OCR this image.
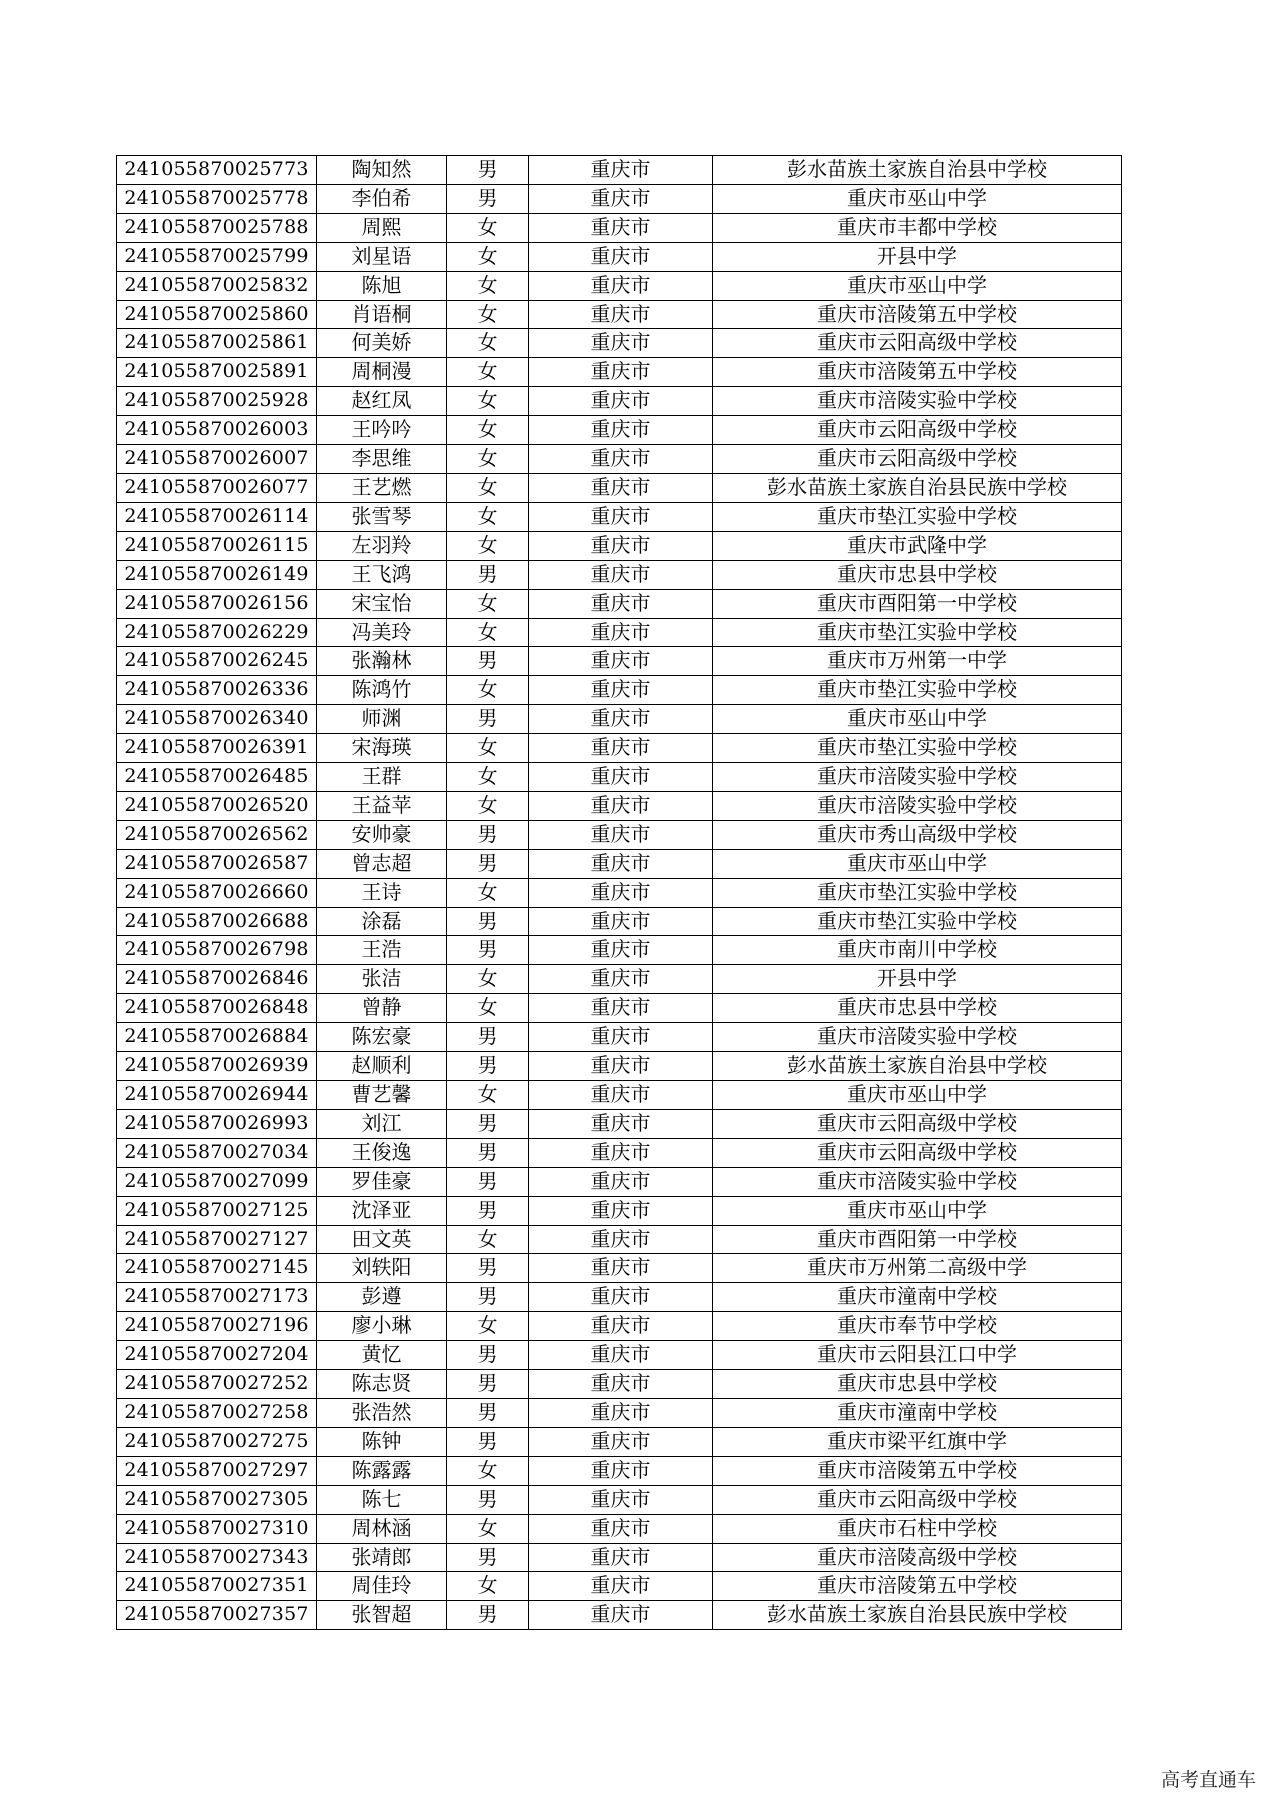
241055870025773	陶知然	男	重庆市	彭水苗族土家族自治县中学校
241055870025778	李伯希	男	重庆市	重庆市巫山中学
241055870025788	周熙	女	重庆市	重庆市丰都中学校
241055870025799	刘星语	女	重庆市	开县中学
241055870025832	陈旭	女	重庆市	重庆市巫山中学
241055870025860	肖语桐	女	重庆市	重庆市涪陵第五中学校
241055870025861	何美娇	女	重庆市	重庆市云阳高级中学校
241055870025891	周桐漫	女	重庆市	重庆市涪陵第五中学校
241055870025928	赵红凤	女	重庆市	重庆市涪陵实验中学校
241055870026003	王吟吟	女	重庆市	重庆市云阳高级中学校
241055870026007	李思维	女	重庆市	重庆市云阳高级中学校
241055870026077	王艺燃	女	重庆市	彭水苗族土家族自治县民族中学校
241055870026114	张雪琴	女	重庆市	重庆市垫江实验中学校
241055870026115	左羽羚	女	重庆市	重庆市武隆中学
241055870026149	王飞鸿	男	重庆市	重庆市忠县中学校
241055870026156	宋宝怡	女	重庆市	重庆市酉阳第一中学校
241055870026229	冯美玲	女	重庆市	重庆市垫江实验中学校
241055870026245	张瀚林	男	重庆市	重庆市万州第一中学
241055870026336	陈鸿竹	女	重庆市	重庆市垫江实验中学校
241055870026340	师渊	男	重庆市	重庆市巫山中学
241055870026391	宋海瑛	女	重庆市	重庆市垫江实验中学校
241055870026485	王群	女	重庆市	重庆市涪陵实验中学校
241055870026520	王益苹	女	重庆市	重庆市涪陵实验中学校
241055870026562	安帅豪	男	重庆市	重庆市秀山高级中学校
241055870026587	曾志超	男	重庆市	重庆市巫山中学
241055870026660	王诗	女	重庆市	重庆市垫江实验中学校
241055870026688	涂磊	男	重庆市	重庆市垫江实验中学校
241055870026798	王浩	男	重庆市	重庆市南川中学校
241055870026846	张洁	女	重庆市	开县中学
241055870026848	曾静	女	重庆市	重庆市忠县中学校
241055870026884	陈宏豪	男	重庆市	重庆市涪陵实验中学校
241055870026939	赵顺利	男	重庆市	彭水苗族土家族自治县中学校
241055870026944	曹艺馨	女	重庆市	重庆市巫山中学
241055870026993	刘江	男	重庆市	重庆市云阳高级中学校
241055870027034	王俊逸	男	重庆市	重庆市云阳高级中学校
241055870027099	罗佳豪	男	重庆市	重庆市涪陵实验中学校
241055870027125	沈泽亚	男	重庆市	重庆市巫山中学
241055870027127	田文英	女	重庆市	重庆市酉阳第一中学校
241055870027145	刘轶阳	男	重庆市	重庆市万州第二高级中学
241055870027173	彭遵	男	重庆市	重庆市潼南中学校
241055870027196	廖小琳	女	重庆市	重庆市奉节中学校
241055870027204	黄忆	男	重庆市	重庆市云阳县江口中学
241055870027252	陈志贤	男	重庆市	重庆市忠县中学校
241055870027258	张浩然	男	重庆市	重庆市潼南中学校
241055870027275	陈钟	男	重庆市	重庆市梁平红旗中学
241055870027297	陈露露	女	重庆市	重庆市涪陵第五中学校
241055870027305	陈七	男	重庆市	重庆市云阳高级中学校
241055870027310	周林涵	女	重庆市	重庆市石柱中学校
241055870027343	张靖郎	男	重庆市	重庆市涪陵高级中学校
241055870027351	周佳玲	女	重庆市	重庆市涪陵第五中学校
241055870027357	张智超	男	重庆市	彭水苗族土家族自治县民族中学校
高考直通车
